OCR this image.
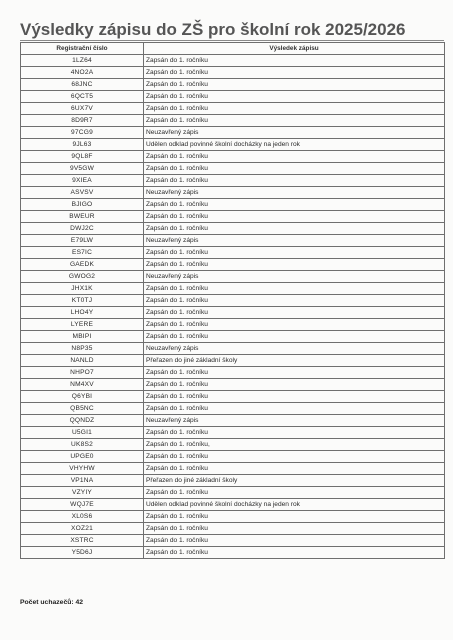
Výsledky zápisu do ZŠ pro školní rok 2025/2026
Registrační číslo	Výsledek zápisu
1LZ64	Zapsán do 1. ročníku
4NO2A	Zapsán do 1. ročníku
68JNC	Zapsán do 1. ročníku
6QCT5	Zapsán do 1. ročníku
6UX7V	Zapsán do 1. ročníku
8D9R7	Zapsán do 1. ročníku
97CG9	Neuzavřený zápis
9JL63	Udělen odklad povinné školní docházky na jeden rok
9QL8F	Zapsán do 1. ročníku
9V5GW	Zapsán do 1. ročníku
9XIEA	Zapsán do 1. ročníku
ASVSV	Neuzavřený zápis
BJIGO	Zapsán do 1. ročníku
BWEUR	Zapsán do 1. ročníku
DWJ2C	Zapsán do 1. ročníku
E79LW	Neuzavřený zápis
ES7IC	Zapsán do 1. ročníku
GAEDK	Zapsán do 1. ročníku
GWOG2	Neuzavřený zápis
JHX1K	Zapsán do 1. ročníku
KT0TJ	Zapsán do 1. ročníku
LHO4Y	Zapsán do 1. ročníku
LYERE	Zapsán do 1. ročníku
MBIPI	Zapsán do 1. ročníku
N8P35	Neuzavřený zápis
NANLD	Přeřazen do jiné základní školy
NHPO7	Zapsán do 1. ročníku
NM4XV	Zapsán do 1. ročníku
Q6YBI	Zapsán do 1. ročníku
QB5NC	Zapsán do 1. ročníku
QQNDZ	Neuzavřený zápis
U5GI1	Zapsán do 1. ročníku
UK8S2	Zapsán do 1. ročníku,
UPGE0	Zapsán do 1. ročníku
VHYHW	Zapsán do 1. ročníku
VP1NA	Přeřazen do jiné základní školy
VZYIY	Zapsán do 1. ročníku
WQJ7E	Udělen odklad povinné školní docházky na jeden rok
XL0S6	Zapsán do 1. ročníku
XOZ21	Zapsán do 1. ročníku
XSTRC	Zapsán do 1. ročníku
Y5D6J	Zapsán do 1. ročníku
Počet uchazečů: 42
